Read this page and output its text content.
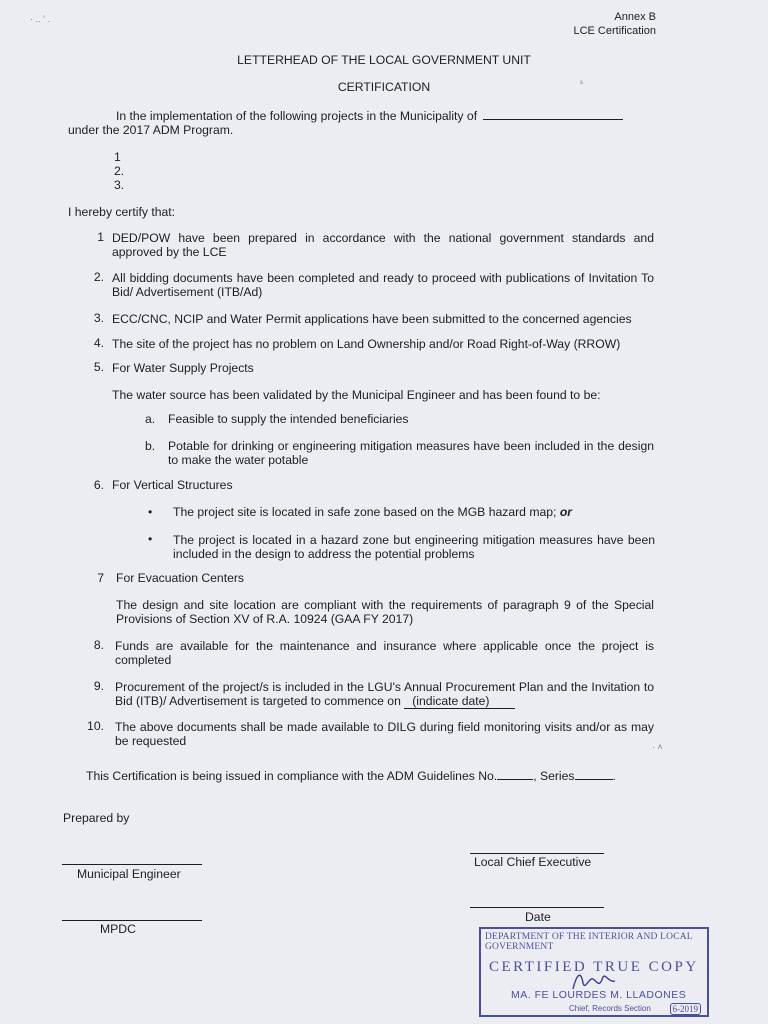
Annex B
LCE Certification
LETTERHEAD OF THE LOCAL GOVERNMENT UNIT
CERTIFICATION
In the implementation of the following projects in the Municipality of
under the 2017 ADM Program.
1
2.
3.
I hereby certify that:
1 DED/POW have been prepared in accordance with the national government standards and approved by the LCE
2. All bidding documents have been completed and ready to proceed with publications of Invitation To Bid/ Advertisement (ITB/Ad)
3. ECC/CNC, NCIP and Water Permit applications have been submitted to the concerned agencies
4. The site of the project has no problem on Land Ownership and/or Road Right-of-Way (RROW)
5. For Water Supply Projects
The water source has been validated by the Municipal Engineer and has been found to be:
a. Feasible to supply the intended beneficiaries
b. Potable for drinking or engineering mitigation measures have been included in the design to make the water potable
6. For Vertical Structures
• The project site is located in safe zone based on the MGB hazard map; or
• The project is located in a hazard zone but engineering mitigation measures have been included in the design to address the potential problems
7 For Evacuation Centers
The design and site location are compliant with the requirements of paragraph 9 of the Special Provisions of Section XV of R.A. 10924 (GAA FY 2017)
8. Funds are available for the maintenance and insurance where applicable once the project is completed
9. Procurement of the project/s is included in the LGU's Annual Procurement Plan and the Invitation to Bid (ITB)/ Advertisement is targeted to commence on (indicate date)
10. The above documents shall be made available to DILG during field monitoring visits and/or as may be requested
This Certification is being issued in compliance with the ADM Guidelines No.	, Series	.
Prepared by
Municipal Engineer
Local Chief Executive
MPDC
Date
DEPARTMENT OF THE INTERIOR AND LOCAL GOVERNMENT
CERTIFIED TRUE COPY
MA. FE LOURDES M. LLADONES
Chief, Records Section	6-2019
· .. ‛ .
ˢ
· ˄
